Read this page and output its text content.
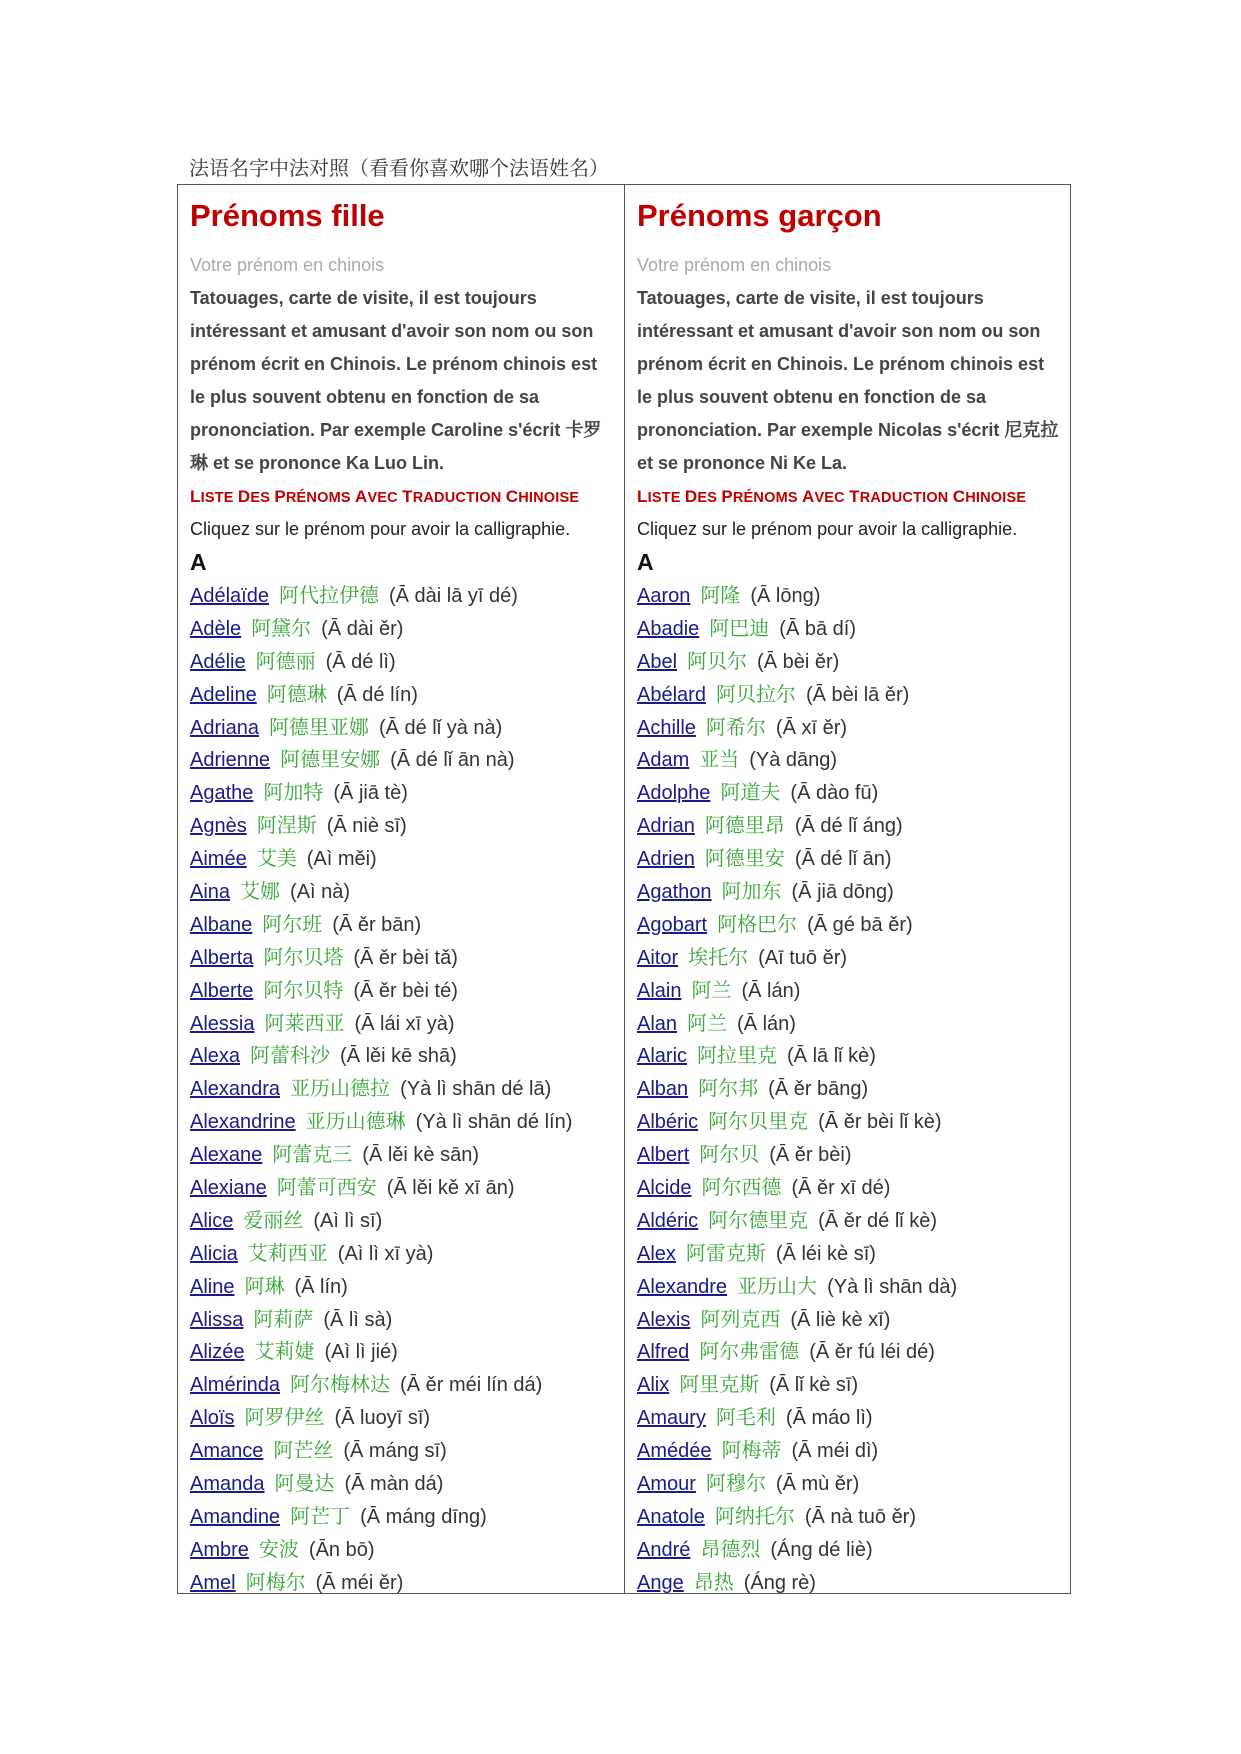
法语名字中法对照（看看你喜欢哪个法语姓名）
Prénoms fille
Votre prénom en chinois
Tatouages, carte de visite, il est toujours intéressant et amusant d'avoir son nom ou son prénom écrit en Chinois. Le prénom chinois est le plus souvent obtenu en fonction de sa prononciation. Par exemple Caroline s'écrit 卡罗琳 et se prononce Ka Luo Lin.
LISTE DES PRÉNOMS AVEC TRADUCTION CHINOISE
Cliquez sur le prénom pour avoir la calligraphie.
A
Adélaïde 阿代拉伊德 (Ā dài lā yī dé)
Adèle 阿黛尔 (Ā dài ěr)
Adélie 阿德丽 (Ā dé lì)
Adeline 阿德琳 (Ā dé lín)
Adriana 阿德里亚娜 (Ā dé lǐ yà nà)
Adrienne 阿德里安娜 (Ā dé lǐ ān nà)
Agathe 阿加特 (Ā jiā tè)
Agnès 阿涅斯 (Ā niè sī)
Aimée 艾美 (Aì měi)
Aina 艾娜 (Aì nà)
Albane 阿尔班 (Ā ěr bān)
Alberta 阿尔贝塔 (Ā ěr bèi tǎ)
Alberte 阿尔贝特 (Ā ěr bèi té)
Alessia 阿莱西亚 (Ā lái xī yà)
Alexa 阿蕾科沙 (Ā lěi kē shā)
Alexandra 亚历山德拉 (Yà lì shān dé lā)
Alexandrine 亚历山德琳 (Yà lì shān dé lín)
Alexane 阿蕾克三 (Ā lěi kè sān)
Alexiane 阿蕾可西安 (Ā lěi kě xī ān)
Alice 爱丽丝 (Aì lì sī)
Alicia 艾莉西亚 (Aì lì xī yà)
Aline 阿琳 (Ā lín)
Alissa 阿莉萨 (Ā lì sà)
Alizée 艾莉婕 (Aì lì jié)
Almérinda 阿尔梅林达 (Ā ěr méi lín dá)
Aloïs 阿罗伊丝 (Ā luoyī sī)
Amance 阿芒丝 (Ā máng sī)
Amanda 阿曼达 (Ā màn dá)
Amandine 阿芒丁 (Ā máng dīng)
Ambre 安波 (Ān bō)
Amel 阿梅尔 (Ā méi ěr)
Prénoms garçon
Votre prénom en chinois
Tatouages, carte de visite, il est toujours intéressant et amusant d'avoir son nom ou son prénom écrit en Chinois. Le prénom chinois est le plus souvent obtenu en fonction de sa prononciation. Par exemple Nicolas s'écrit 尼克拉 et se prononce Ni Ke La.
LISTE DES PRÉNOMS AVEC TRADUCTION CHINOISE
Cliquez sur le prénom pour avoir la calligraphie.
A
Aaron 阿隆 (Ā lōng)
Abadie 阿巴迪 (Ā bā dí)
Abel 阿贝尔 (Ā bèi ěr)
Abélard 阿贝拉尔 (Ā bèi lā ěr)
Achille 阿希尔 (Ā xī ěr)
Adam 亚当 (Yà dāng)
Adolphe 阿道夫 (Ā dào fū)
Adrian 阿德里昂 (Ā dé lǐ áng)
Adrien 阿德里安 (Ā dé lǐ ān)
Agathon 阿加东 (Ā jiā dōng)
Agobart 阿格巴尔 (Ā gé bā ěr)
Aitor 埃托尔 (Aī tuō ěr)
Alain 阿兰 (Ā lán)
Alan 阿兰 (Ā lán)
Alaric 阿拉里克 (Ā lā lǐ kè)
Alban 阿尔邦 (Ā ěr bāng)
Albéric 阿尔贝里克 (Ā ěr bèi lǐ kè)
Albert 阿尔贝 (Ā ěr bèi)
Alcide 阿尔西德 (Ā ěr xī dé)
Aldéric 阿尔德里克 (Ā ěr dé lǐ kè)
Alex 阿雷克斯 (Ā léi kè sī)
Alexandre 亚历山大 (Yà lì shān dà)
Alexis 阿列克西 (Ā liè kè xī)
Alfred 阿尔弗雷德 (Ā ěr fú léi dé)
Alix 阿里克斯 (Ā lǐ kè sī)
Amaury 阿毛利 (Ā máo lì)
Amédée 阿梅蒂 (Ā méi dì)
Amour 阿穆尔 (Ā mù ěr)
Anatole 阿纳托尔 (Ā nà tuō ěr)
André 昂德烈 (Áng dé liè)
Ange 昂热 (Áng rè)
